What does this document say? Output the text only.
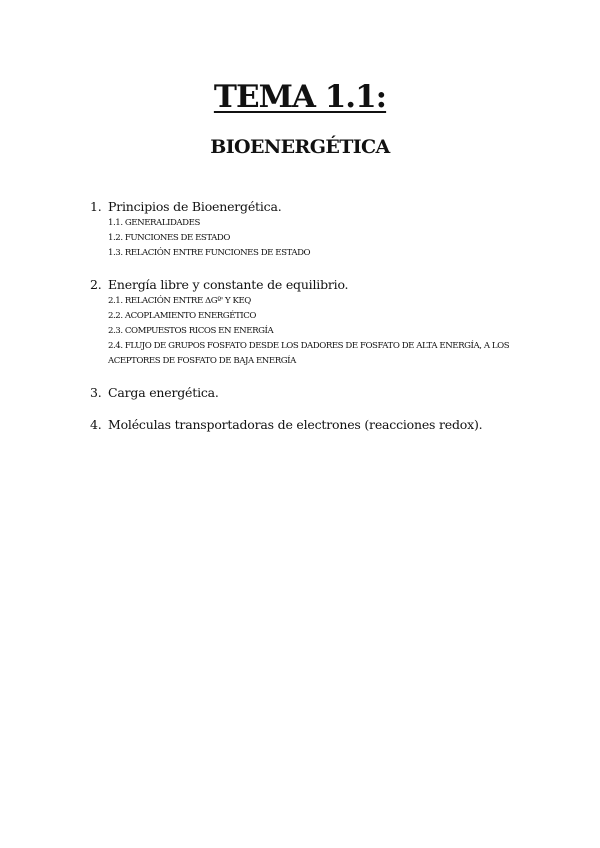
TEMA 1.1:
BIOENERGÉTICA
1. Principios de Bioenergética.
1.1. GENERALIDADES
1.2. FUNCIONES DE ESTADO
1.3. RELACIÓN ENTRE FUNCIONES DE ESTADO
2. Energía libre y constante de equilibrio.
2.1. RELACIÓN ENTRE ΔGº' Y KEQ
2.2. ACOPLAMIENTO ENERGÉTICO
2.3. COMPUESTOS RICOS EN ENERGÍA
2.4. FLUJO DE GRUPOS FOSFATO DESDE LOS DADORES DE FOSFATO DE ALTA ENERGÍA, A LOS ACEPTORES DE FOSFATO DE BAJA ENERGÍA
3. Carga energética.
4. Moléculas transportadoras de electrones (reacciones redox).
